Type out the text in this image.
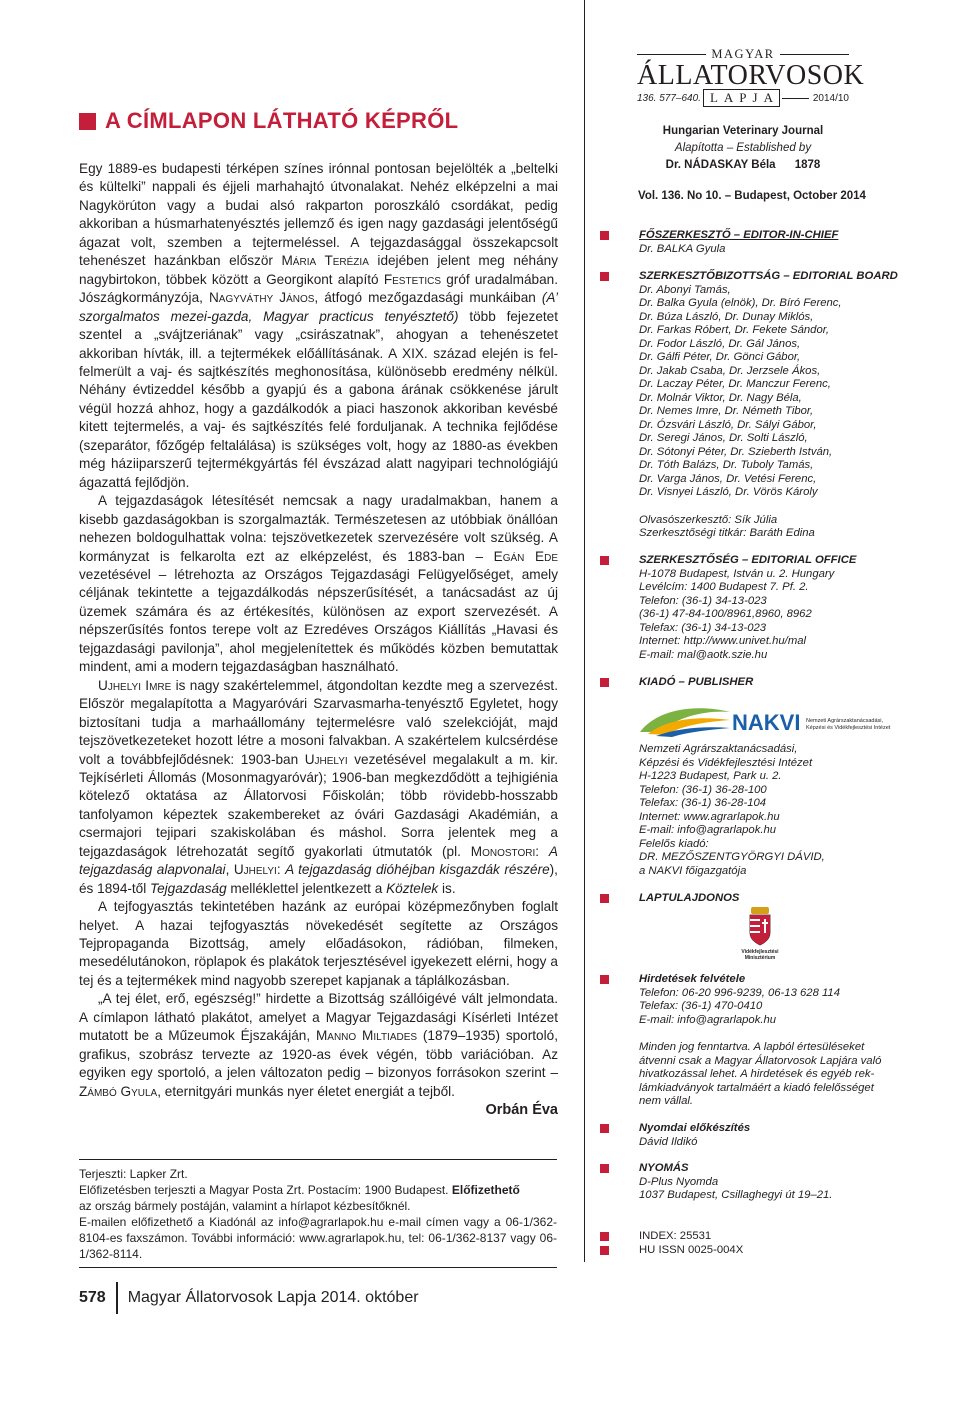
A CÍMLAPON LÁTHATÓ KÉPRŐL

Egy 1889-es budapesti térképen színes irónnal pontosan bejelölték a „beltelki és kültelki” nappali és éjjeli marhahajtó útvonalakat. Nehéz elképzelni a mai Nagykörúton vagy a budai alsó rakparton poroszkáló csordákat, pedig akkoriban a húsmarhatenyésztés jellemző és igen nagy gazdasági jelentőségű ágazat volt, szemben a tejtermeléssel. A tejgazdasággal összekapcsolt tehenészet hazánkban először Mária Terézia idejében jelent meg néhány nagybirtokon, többek között a Georgikont alapító Festetics gróf uradalmában. Jószágkormányzója, Nagyváthy János, átfogó mezőgazdasági munkáiban (A’ szorgalmatos mezei-gazda, Magyar practicus tenyésztető) több fejezetet szentel a „svájtzeriának” vagy „csirászatnak”, ahogyan a tehenészetet akkoriban hívták, ill. a tejtermékek előállításának. A XIX. század elején is fel-felmerült a vaj- és sajtkészítés meghonosítása, különösebb eredmény nélkül. Néhány évtizeddel később a gyapjú és a gabona árának csökkenése járult végül hozzá ahhoz, hogy a gazdálkodók a piaci haszonok akkoriban kevésbé kitett tejtermelés, a vaj- és sajtkészítés felé forduljanak. A technika fejlődése (szeparátor, főzőgép feltalálása) is szükséges volt, hogy az 1880-as években még háziiparszerű tejtermékgyártás fél évszázad alatt nagyipari technológiájú ágazattá fejlődjön.

A tejgazdaságok létesítését nemcsak a nagy uradalmakban, hanem a kisebb gazdaságokban is szorgalmazták. Természetesen az utóbbiak önállóan nehezen boldogulhattak volna: tejszövetkezetek szervezésére volt szükség. A kormányzat is felkarolta ezt az elképzelést, és 1883-ban – Egán Ede vezetésével – létrehozta az Országos Tejgazdasági Felügyelőséget, amely céljának tekintette a tejgazdálkodás népszerűsítését, a tanácsadást az új üzemek számára és az értékesítés, különösen az export szervezését. A népszerűsítés fontos terepe volt az Ezredéves Országos Kiállítás „Havasi és tejgazdasági pavilonja”, ahol megjelenítettek és működés közben bemutattak mindent, ami a modern tejgazdaságban használható.

Ujhelyi Imre is nagy szakértelemmel, átgondoltan kezdte meg a szervezést. Először megalapította a Magyaróvári Szarvasmarha-tenyésztő Egyletet, hogy biztosítani tudja a marhaállomány tejtermelésre való szelekcióját, majd tejszövetkezeteket hozott létre a mosoni falvakban. A szakértelem kulcsérdése volt a továbbfejlődésnek: 1903-ban Ujhelyi vezetésével megalakult a m. kir. Tejkísérleti Állomás (Mosonmagyaróvár); 1906-ban megkezdődött a tejhigiénia kötelező oktatása az Állatorvosi Főiskolán; több rövidebb-hosszabb tanfolyamon képeztek szakembereket az óvári Gazdasági Akadémián, a csermajori tejipari szakiskolában és máshol. Sorra jelentek meg a tejgazdaságok létrehozatát segítő gyakorlati útmutatók (pl. Monostori: A tejgazdaság alapvonalai, Ujhelyi: A tejgazdaság dióhéjban kisgazdák részére), és 1894-től Tejgazdaság melléklettel jelentkezett a Köztelek is.

A tejfogyasztás tekintetében hazánk az európai középmezőnyben foglalt helyet. A hazai tejfogyasztás növekedését segítette az Országos Tejpropaganda Bizottság, amely előadásokon, rádióban, filmeken, mesedélutánokon, röplapok és plakátok terjesztésével igyekezett elérni, hogy a tej és a tejtermékek mind nagyobb szerepet kapjanak a táplálkozásban.

„A tej élet, erő, egészség!” hirdette a Bizottság szállóigévé vált jelmondata. A címlapon látható plakátot, amelyet a Magyar Tejgazdasági Kísérleti Intézet mutatott be a Műzeumok Éjszakáján, Manno Miltiades (1879–1935) sportoló, grafikus, szobrász tervezte az 1920-as évek végén, több variációban. Az egyiken egy sportoló, a jelen változaton pedig – bizonyos forrásokon szerint – Zámbó Gyula, eternitgyári munkás nyer életet energiát a tejből.

Orbán Éva

Terjeszti: Lapker Zrt.

Előfizetésben terjeszti a Magyar Posta Zrt. Postacím: 1900 Budapest. Előfizethető

az ország bármely postáján, valamint a hírlapot kézbesítőknél.

E-mailen előfizethető a Kiadónál az info@agrarlapok.hu e-mail címen vagy a 06-1/362-8104-es faxszámon. További információ: www.agrarlapok.hu, tel: 06-1/362-8137 vagy 06-1/362-8114.

578 Magyar Állatorvosok Lapja 2014. október
MAGYAR
ÁLLATORVOSOK
136. 577–640. LAPJA	2014/10
Hungarian Veterinary Journal
Alapította – Established by
Dr. NÁDASKAY Béla 1878
Vol. 136. No 10. – Budapest, October 2014
FŐSZERKESZTŐ – EDITOR-IN-CHIEF
Dr. BALKA Gyula
SZERKESZTŐBIZOTTSÁG – EDITORIAL BOARD
Dr. Abonyi Tamás,
Dr. Balka Gyula (elnök), Dr. Bíró Ferenc,
Dr. Búza László, Dr. Dunay Miklós,
Dr. Farkas Róbert, Dr. Fekete Sándor,
Dr. Fodor László, Dr. Gál János,
Dr. Gálfi Péter, Dr. Gönci Gábor,
Dr. Jakab Csaba, Dr. Jerzsele Ákos,
Dr. Laczay Péter, Dr. Manczur Ferenc,
Dr. Molnár Viktor, Dr. Nagy Béla,
Dr. Nemes Imre, Dr. Németh Tibor,
Dr. Ózsvári László, Dr. Sályi Gábor,
Dr. Seregi János, Dr. Solti László,
Dr. Sótonyi Péter, Dr. Szieberth István,
Dr. Tóth Balázs, Dr. Tuboly Tamás,
Dr. Varga János, Dr. Vetési Ferenc,
Dr. Visnyei László, Dr. Vörös Károly
Olvasószerkesztő: Sík Júlia
Szerkesztőségi titkár: Baráth Edina
SZERKESZTŐSÉG – EDITORIAL OFFICE
H-1078 Budapest, István u. 2. Hungary
Levélcím: 1400 Budapest 7. Pf. 2.
Telefon: (36-1) 34-13-023
(36-1) 47-84-100/8961,8960, 8962
Telefax: (36-1) 34-13-023
Internet: http://www.univet.hu/mal
E-mail: mal@aotk.szie.hu
KIADÓ – PUBLISHER
NAKVI Nemzeti Agrárszaktanácsadási,
Képzési és Vidékfejlesztési Intézet
Nemzeti Agrárszaktanácsadási,
Képzési és Vidékfejlesztési Intézet
H-1223 Budapest, Park u. 2.
Telefon: (36-1) 36-28-100
Telefax: (36-1) 36-28-104
Internet: www.agrarlapok.hu
E-mail: info@agrarlapok.hu
Felelős kiadó:
DR. MEZŐSZENTGYÖRGYI DÁVID,
a NAKVI főigazgatója
LAPTULAJDONOS
Vidékfejlesztési
Minisztérium
Hirdetések felvétele
Telefon: 06-20 996-9239, 06-13 628 114
Telefax: (36-1) 470-0410
E-mail: info@agrarlapok.hu
Minden jog fenntartva. A lapból értesüléseket
átvenni csak a Magyar Állatorvosok Lapjára való
hivatkozással lehet. A hirdetések és egyéb rek-
lámkiadványok tartalmáért a kiadó felelősséget
nem vállal.
Nyomdai előkészítés
Dávid Ildikó
NYOMÁS
D-Plus Nyomda
1037 Budapest, Csillaghegyi út 19–21.
INDEX: 25531
HU ISSN 0025-004X
